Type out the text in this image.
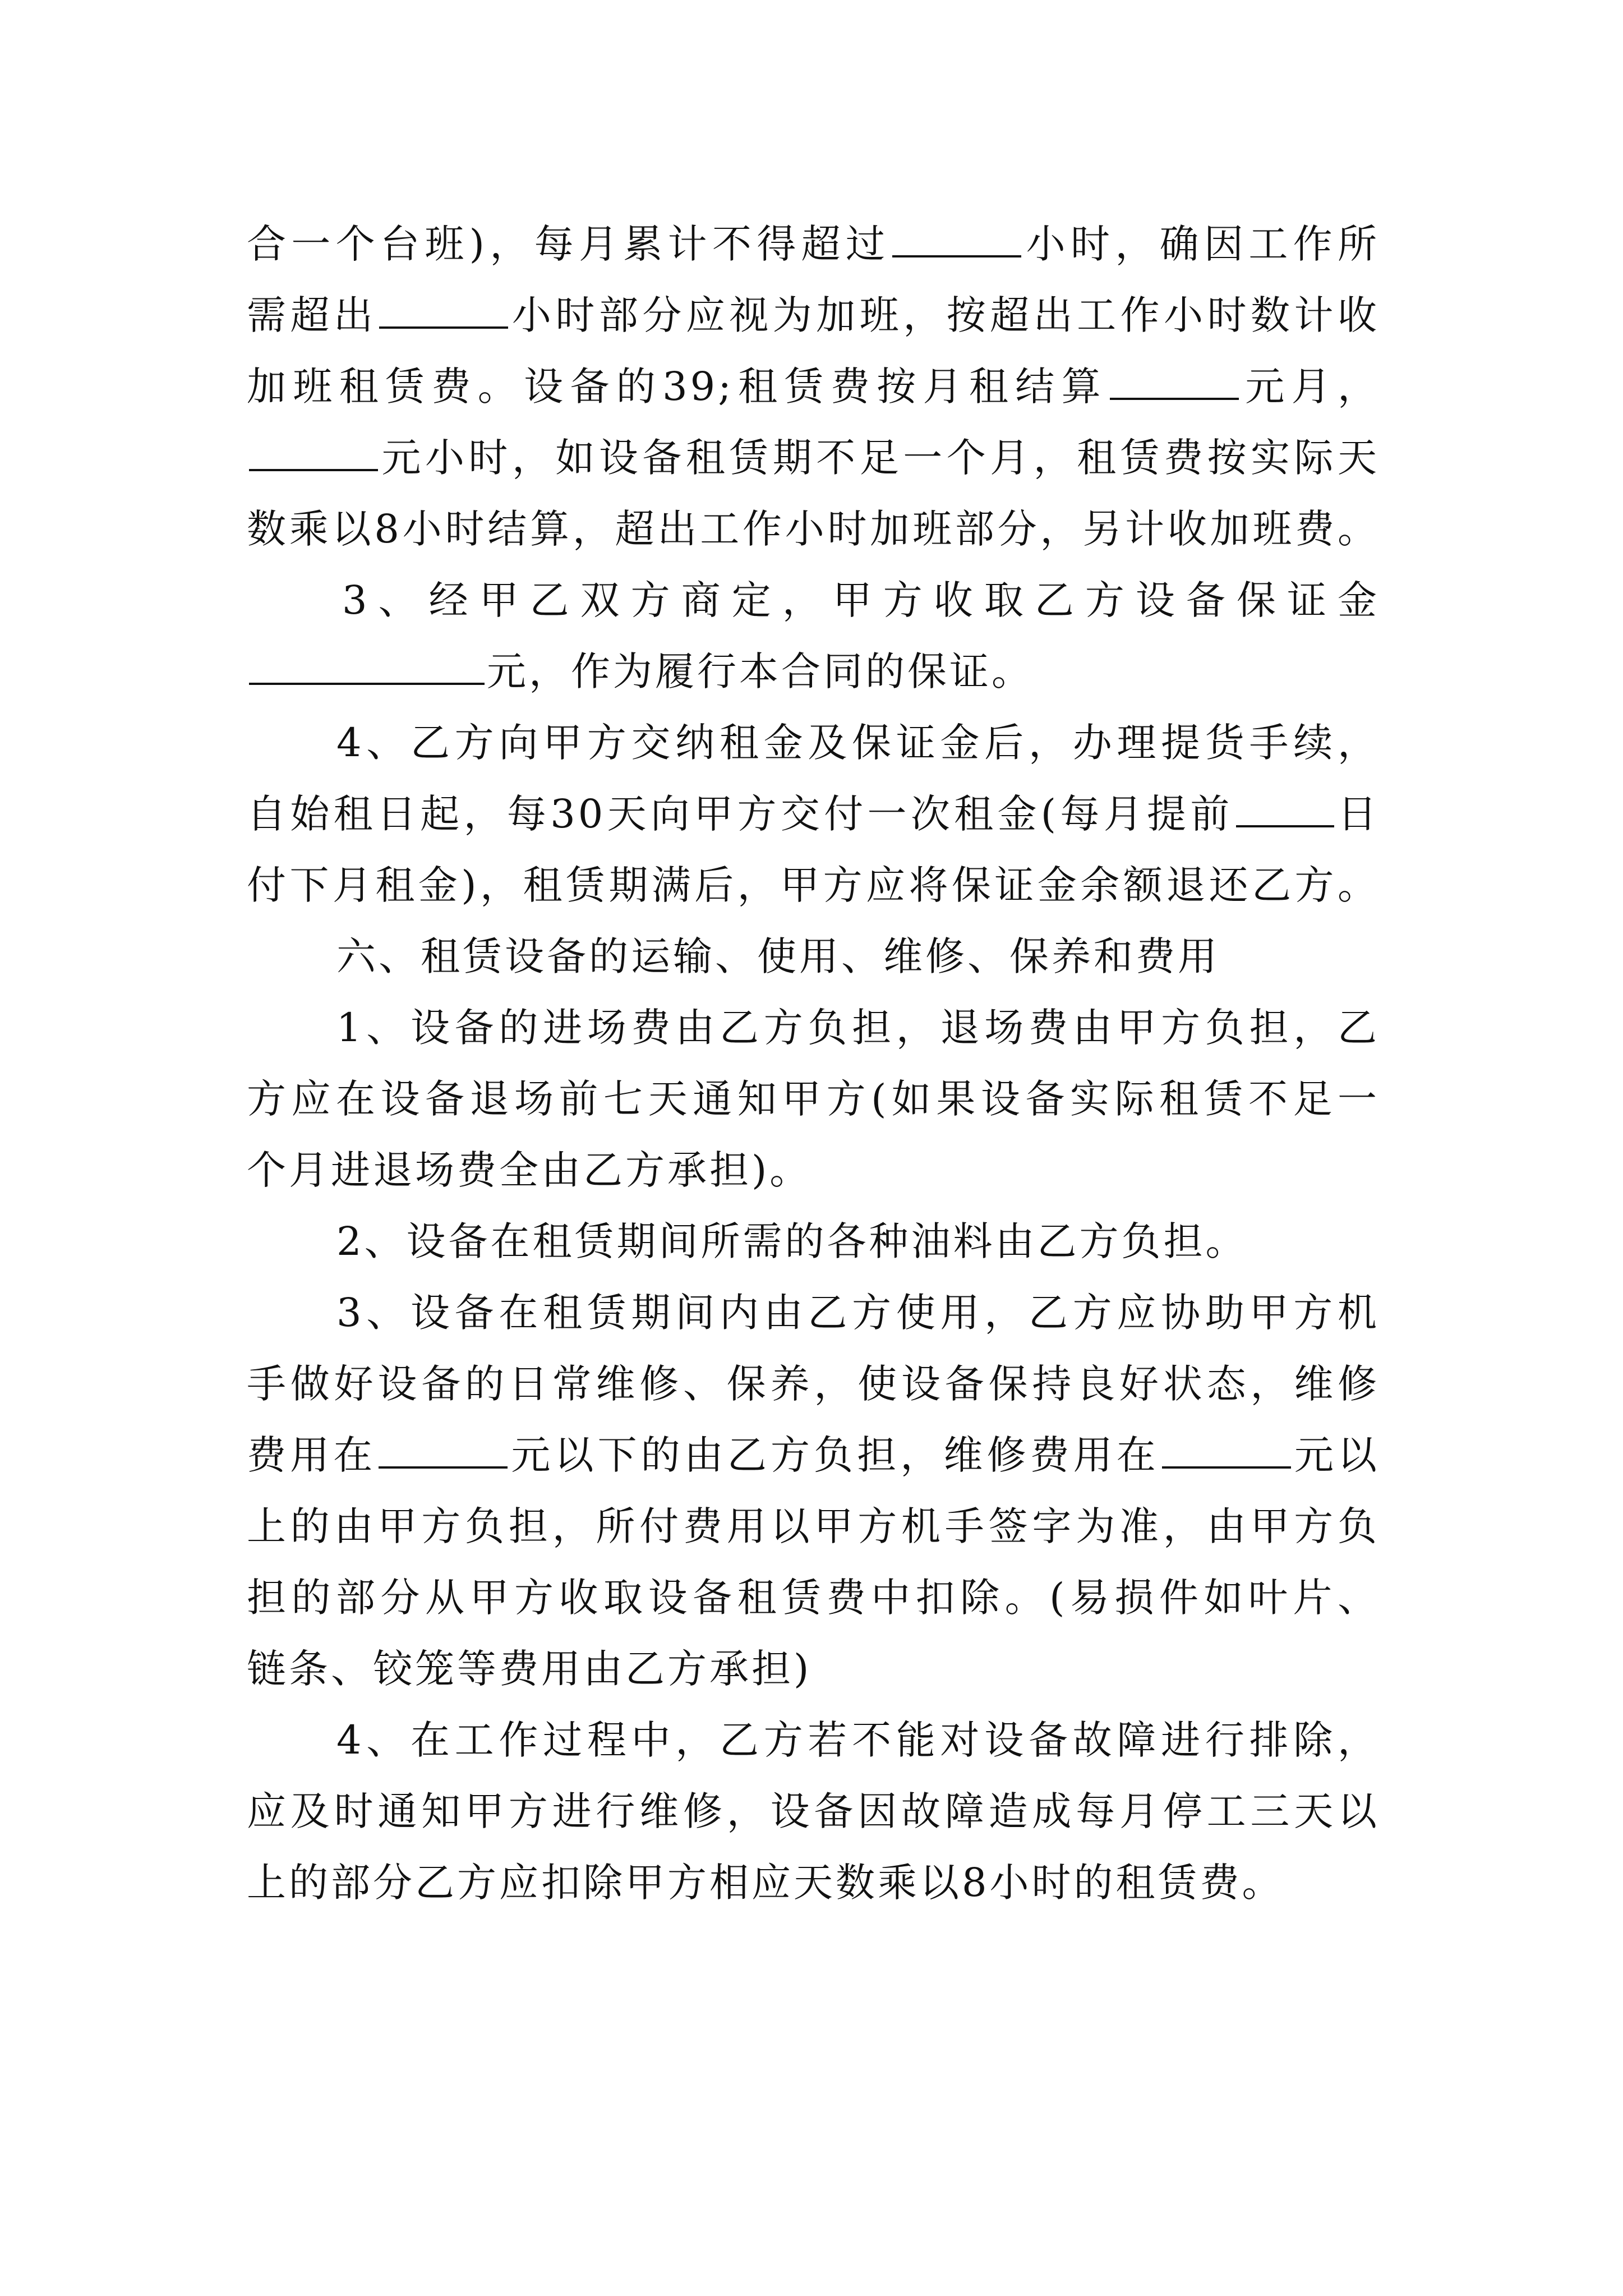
合一个台班)，每月累计不得超过	小时，确因工作所
需超出	小时部分应视为加班，按超出工作小时数计收
加班租赁费。设备的39;租赁费按月租结算	元月，
元小时，如设备租赁期不足一个月，租赁费按实际天
数乘以8小时结算，超出工作小时加班部分，另计收加班费。
3、经甲乙双方商定，甲方收取乙方设备保证金
元，作为履行本合同的保证。
4、乙方向甲方交纳租金及保证金后，办理提货手续，
自始租日起，每30天向甲方交付一次租金(每月提前	日
付下月租金)，租赁期满后，甲方应将保证金余额退还乙方。
六、租赁设备的运输、使用、维修、保养和费用
1、设备的进场费由乙方负担，退场费由甲方负担，乙
方应在设备退场前七天通知甲方(如果设备实际租赁不足一
个月进退场费全由乙方承担)。
2、设备在租赁期间所需的各种油料由乙方负担。
3、设备在租赁期间内由乙方使用，乙方应协助甲方机
手做好设备的日常维修、保养，使设备保持良好状态，维修
费用在	元以下的由乙方负担，维修费用在	元以
上的由甲方负担，所付费用以甲方机手签字为准，由甲方负
担的部分从甲方收取设备租赁费中扣除。(易损件如叶片、
链条、铰笼等费用由乙方承担)
4、在工作过程中，乙方若不能对设备故障进行排除，
应及时通知甲方进行维修，设备因故障造成每月停工三天以
上的部分乙方应扣除甲方相应天数乘以8小时的租赁费。
